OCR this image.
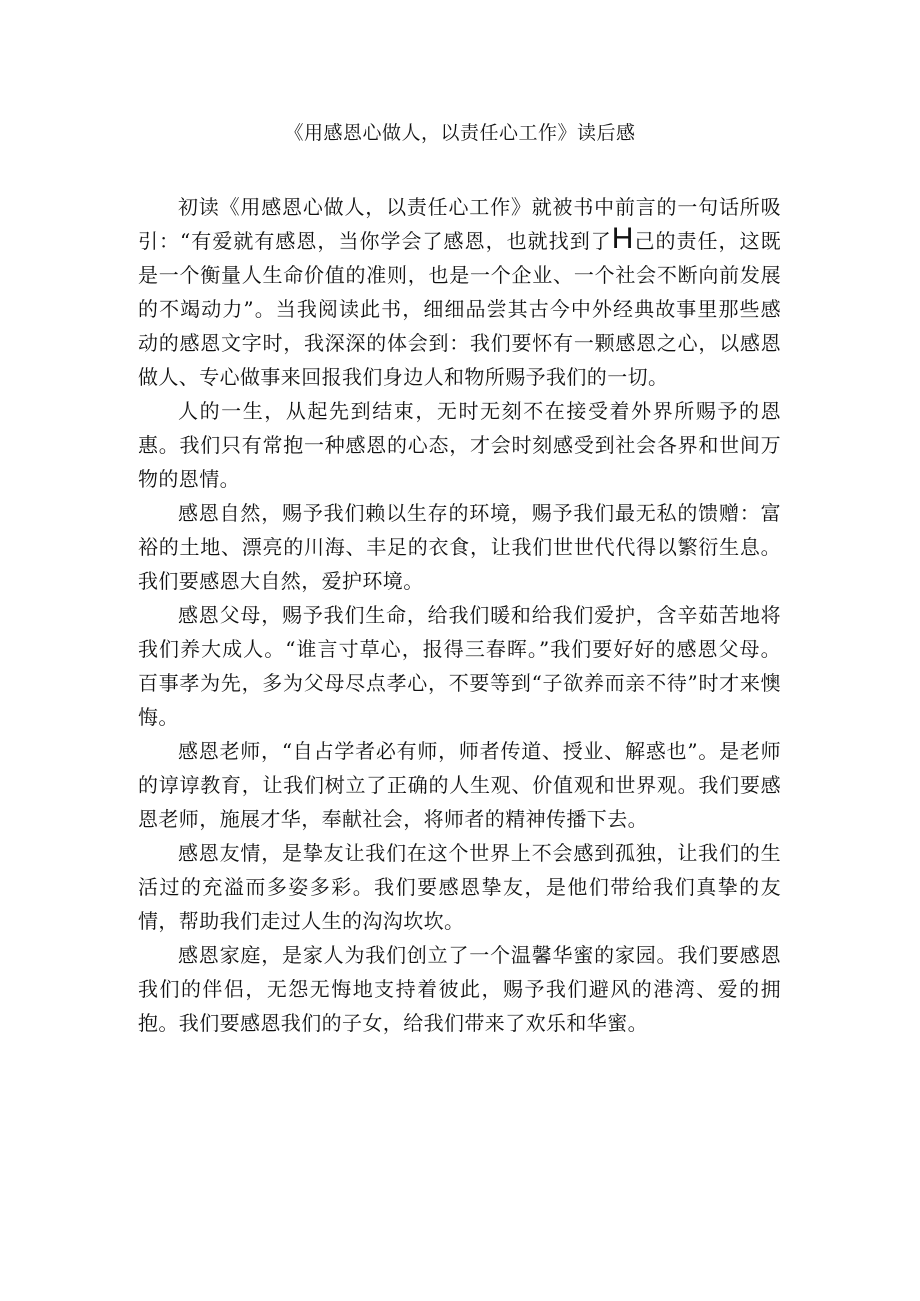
《用感恩心做人，以责任心工作》读后感

初读《用感恩心做人，以责任心工作》就被书中前言的一句话所吸引：“有爱就有感恩，当你学会了感恩，也就找到了H己的责任，这既是一个衡量人生命价值的准则，也是一个企业、一个社会不断向前发展的不竭动力”。当我阅读此书，细细品尝其古今中外经典故事里那些感动的感恩文字时，我深深的体会到：我们要怀有一颗感恩之心，以感恩做人、专心做事来回报我们身边人和物所赐予我们的一切。

人的一生，从起先到结束，无时无刻不在接受着外界所赐予的恩惠。我们只有常抱一种感恩的心态，才会时刻感受到社会各界和世间万物的恩情。

感恩自然，赐予我们赖以生存的环境，赐予我们最无私的馈赠：富裕的土地、漂亮的川海、丰足的衣食，让我们世世代代得以繁衍生息。我们要感恩大自然，爱护环境。

感恩父母，赐予我们生命，给我们暖和给我们爱护，含辛茹苦地将我们养大成人。“谁言寸草心，报得三春晖。”我们要好好的感恩父母。百事孝为先，多为父母尽点孝心，不要等到“子欲养而亲不待”时才来懊悔。

感恩老师，“自占学者必有师，师者传道、授业、解惑也”。是老师的谆谆教育，让我们树立了正确的人生观、价值观和世界观。我们要感恩老师，施展才华，奉献社会，将师者的精神传播下去。

感恩友情，是挚友让我们在这个世界上不会感到孤独，让我们的生活过的充溢而多姿多彩。我们要感恩挚友，是他们带给我们真挚的友情，帮助我们走过人生的沟沟坎坎。

感恩家庭，是家人为我们创立了一个温馨华蜜的家园。我们要感恩我们的伴侣，无怨无悔地支持着彼此，赐予我们避风的港湾、爱的拥抱。我们要感恩我们的子女，给我们带来了欢乐和华蜜。
